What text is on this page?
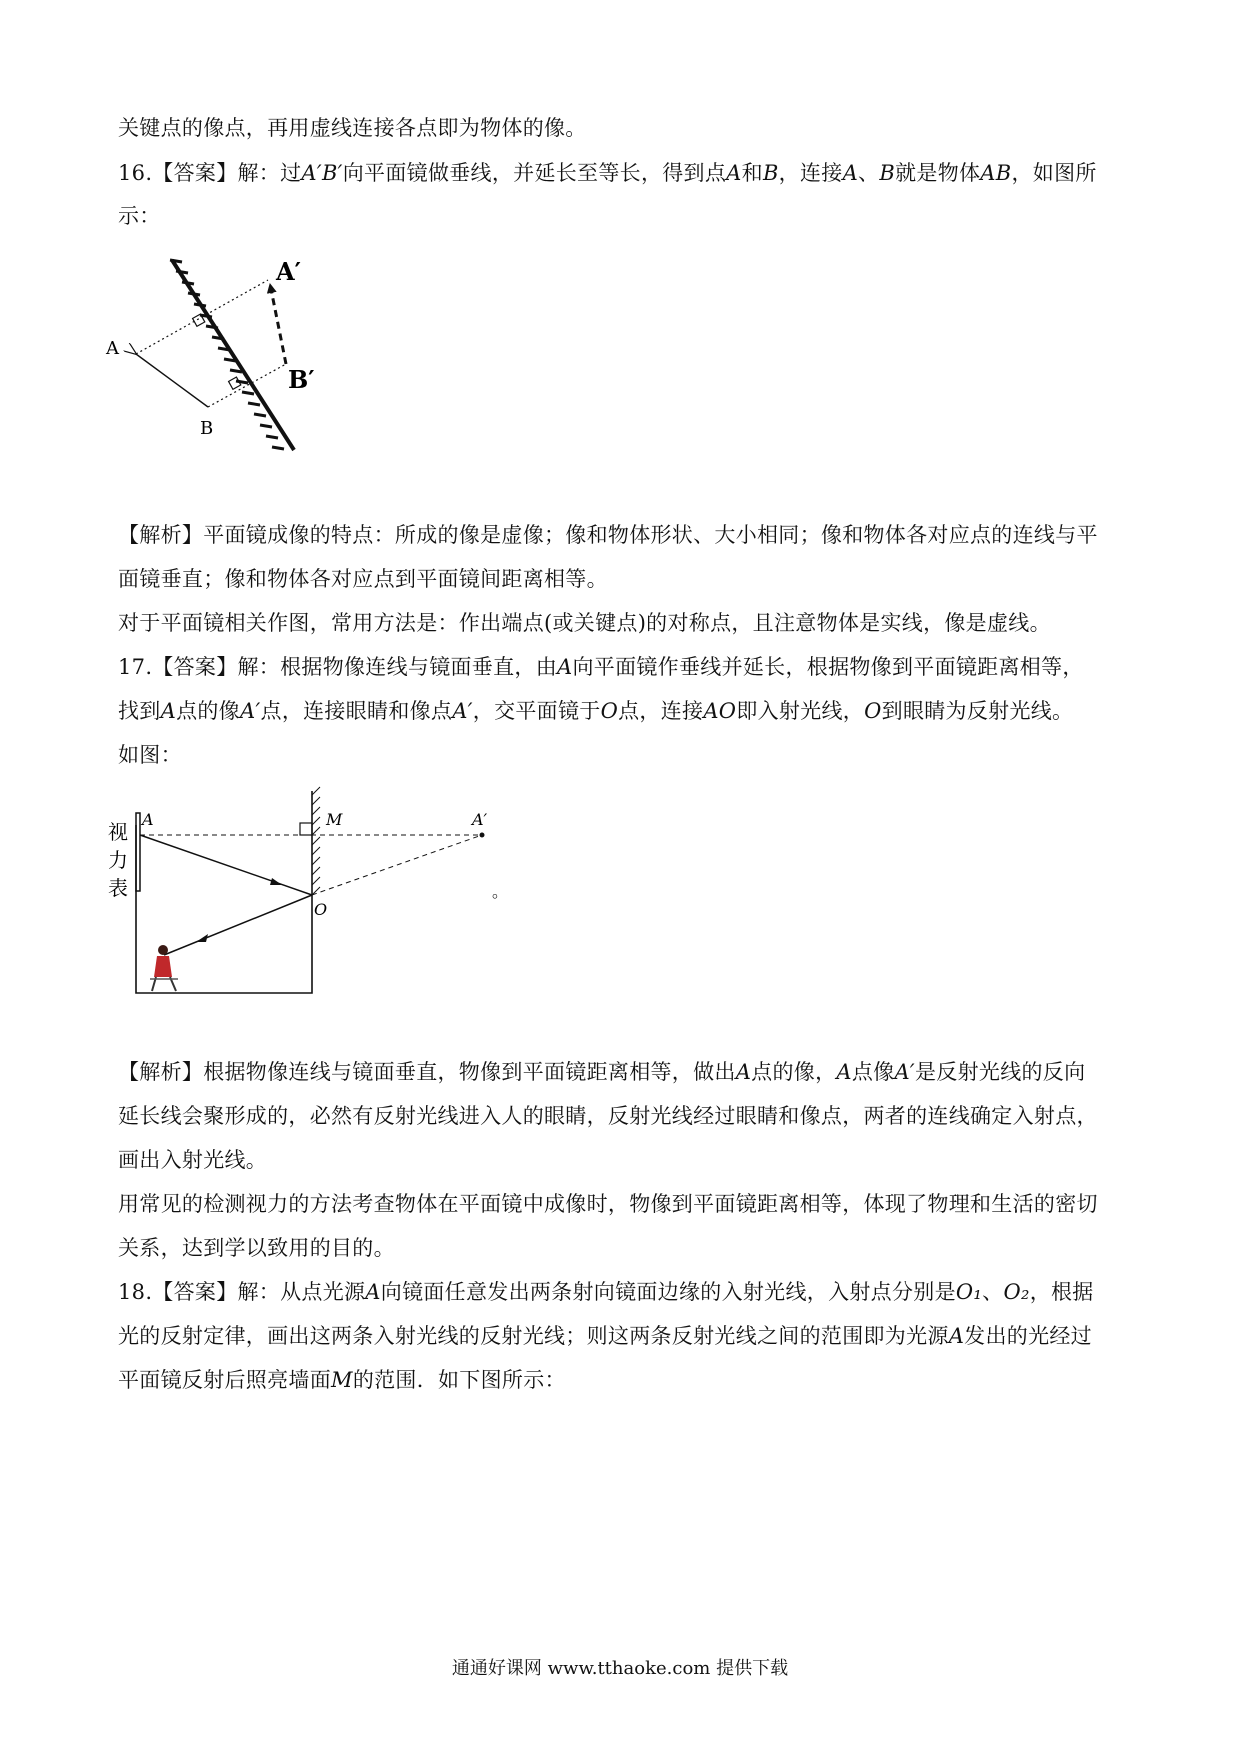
关键点的像点，再用虚线连接各点即为物体的像。
16.【答案】解：过A′B′向平面镜做垂线，并延长至等长，得到点A和B，连接A、B就是物体AB，如图所
示：
A
B
A′
B′
【解析】平面镜成像的特点：所成的像是虚像；像和物体形状、大小相同；像和物体各对应点的连线与平
面镜垂直；像和物体各对应点到平面镜间距离相等。
对于平面镜相关作图，常用方法是：作出端点(或关键点)的对称点，且注意物体是实线，像是虚线。
17.【答案】解：根据物像连线与镜面垂直，由A向平面镜作垂线并延长，根据物像到平面镜距离相等，
找到A点的像A′点，连接眼睛和像点A′，交平面镜于O点，连接AO即入射光线，O到眼睛为反射光线。
如图：
视
力
表
A	M	A′
O
。
【解析】根据物像连线与镜面垂直，物像到平面镜距离相等，做出A点的像，A点像A′是反射光线的反向
延长线会聚形成的，必然有反射光线进入人的眼睛，反射光线经过眼睛和像点，两者的连线确定入射点，
画出入射光线。
用常见的检测视力的方法考查物体在平面镜中成像时，物像到平面镜距离相等，体现了物理和生活的密切
关系，达到学以致用的目的。
18.【答案】解：从点光源A向镜面任意发出两条射向镜面边缘的入射光线，入射点分别是O₁、O₂，根据
光的反射定律，画出这两条入射光线的反射光线；则这两条反射光线之间的范围即为光源A发出的光经过
平面镜反射后照亮墙面M的范围．如下图所示：
通通好课网 www.tthaoke.com 提供下载
